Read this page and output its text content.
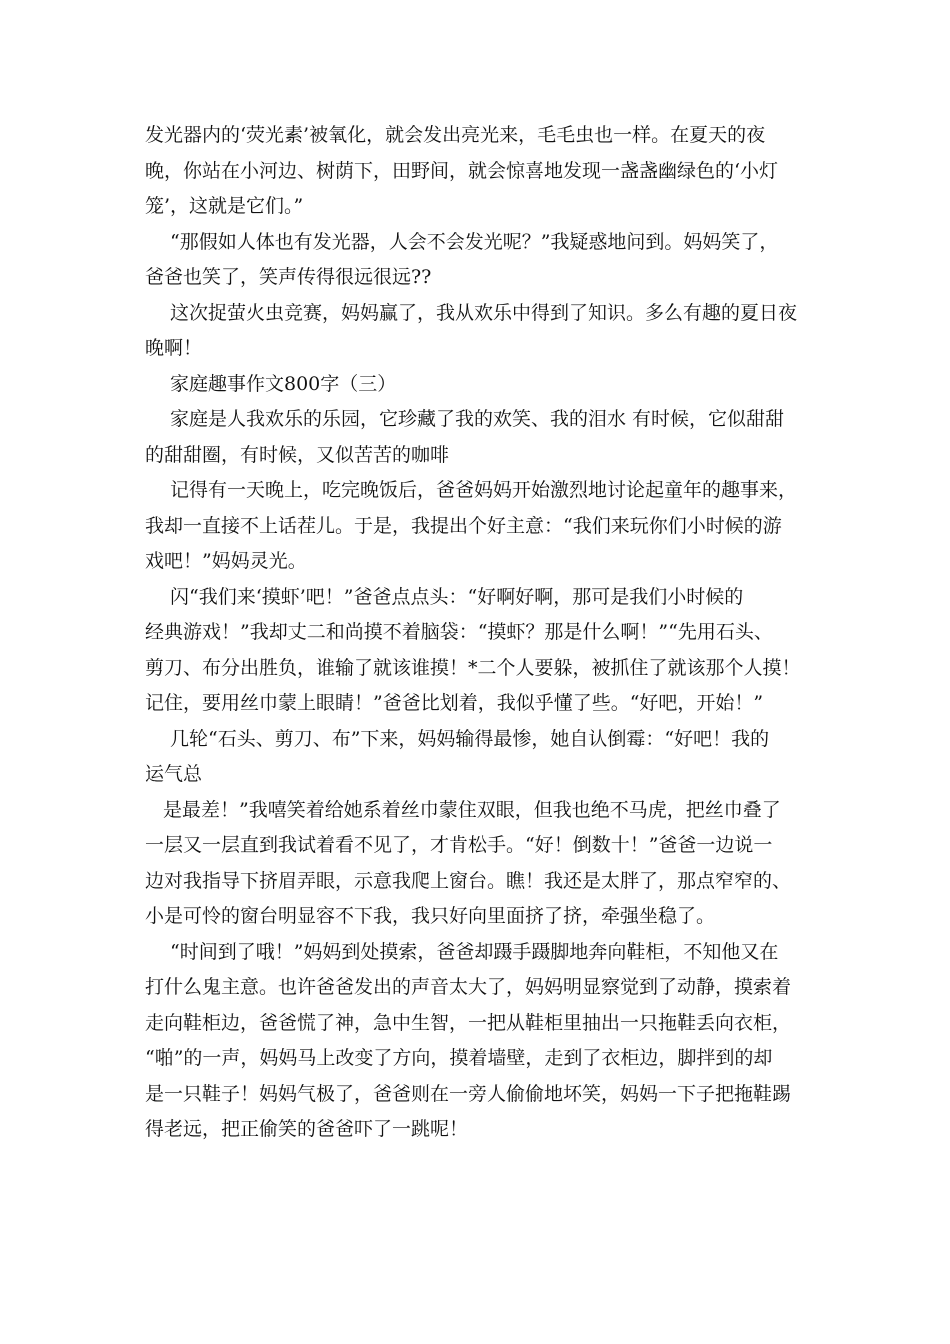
发光器内的‘荧光素’被氧化，就会发出亮光来，毛毛虫也一样。在夏天的夜
晚，你站在小河边、树荫下，田野间，就会惊喜地发现一盏盏幽绿色的‘小灯
笼’，这就是它们。”
“那假如人体也有发光器，人会不会发光呢？”我疑惑地问到。妈妈笑了，
爸爸也笑了，笑声传得很远很远??
这次捉萤火虫竞赛，妈妈赢了，我从欢乐中得到了知识。多么有趣的夏日夜
晚啊！
家庭趣事作文800字（三）
家庭是人我欢乐的乐园，它珍藏了我的欢笑、我的泪水 有时候，它似甜甜
的甜甜圈，有时候，又似苦苦的咖啡
记得有一天晚上，吃完晚饭后，爸爸妈妈开始激烈地讨论起童年的趣事来，
我却一直接不上话茬儿。于是，我提出个好主意：“我们来玩你们小时候的游
戏吧！”妈妈灵光。
闪“我们来‘摸虾’吧！”爸爸点点头：“好啊好啊，那可是我们小时候的
经典游戏！”我却丈二和尚摸不着脑袋：“摸虾？那是什么啊！”“先用石头、
剪刀、布分出胜负，谁输了就该谁摸！*二个人要躲，被抓住了就该那个人摸！
记住，要用丝巾蒙上眼睛！”爸爸比划着，我似乎懂了些。“好吧，开始！”
几轮“石头、剪刀、布”下来，妈妈输得最惨，她自认倒霉：“好吧！我的
运气总
是最差！”我嘻笑着给她系着丝巾蒙住双眼，但我也绝不马虎，把丝巾叠了
一层又一层直到我试着看不见了，才肯松手。“好！倒数十！”爸爸一边说一
边对我指导下挤眉弄眼，示意我爬上窗台。瞧！我还是太胖了，那点窄窄的、
小是可怜的窗台明显容不下我，我只好向里面挤了挤，牵强坐稳了。
“时间到了哦！”妈妈到处摸索，爸爸却蹑手蹑脚地奔向鞋柜，不知他又在
打什么鬼主意。也许爸爸发出的声音太大了，妈妈明显察觉到了动静，摸索着
走向鞋柜边，爸爸慌了神，急中生智，一把从鞋柜里抽出一只拖鞋丢向衣柜，
“啪”的一声，妈妈马上改变了方向，摸着墙壁，走到了衣柜边，脚拌到的却
是一只鞋子！妈妈气极了，爸爸则在一旁人偷偷地坏笑，妈妈一下子把拖鞋踢
得老远，把正偷笑的爸爸吓了一跳呢！
